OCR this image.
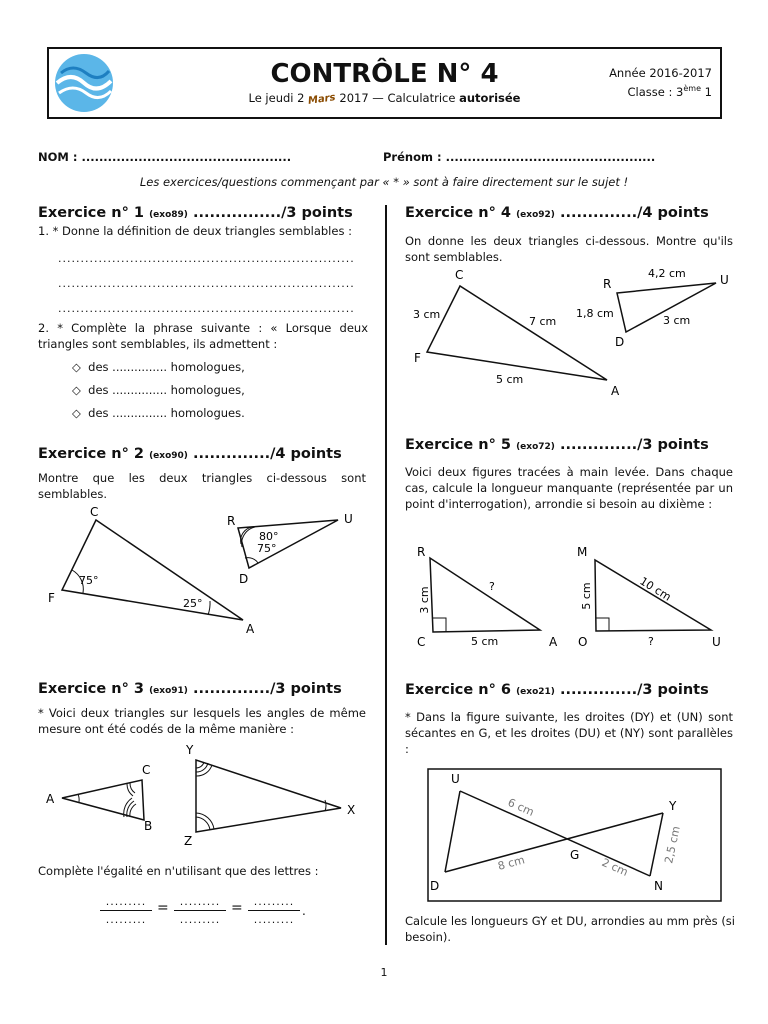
CONTRÔLE N° 4
Le jeudi 2 Mars 2017 — Calculatrice autorisée
Année 2016-2017
Classe : 3ème 1
NOM : ................................................	Prénom : ................................................
Les exercices/questions commençant par « * » sont à faire directement sur le sujet !
Exercice n° 1 (exo89) ................/3 points
1. * Donne la définition de deux triangles semblables :
..................................................................
..................................................................
..................................................................
2. * Complète la phrase suivante : « Lorsque deux triangles sont semblables, ils admettent :
◇  des ............... homologues,
◇  des ............... homologues,
◇  des ............... homologues.
Exercice n° 2 (exo90) ............../4 points
Montre que les deux triangles ci-dessous sont semblables.
C
F
A
75°
25°
R	U
D
80°
75°
Exercice n° 3 (exo91) ............../3 points
* Voici deux triangles sur lesquels les angles de même mesure ont été codés de la même manière :
A
B
C
Y
Z
X
Complète l'égalité en n'utilisant que des lettres :
.........
.........
=	.........
.........
=	.........
.........
.
Exercice n° 4 (exo92) ............../4 points
On donne les deux triangles ci-dessous. Montre qu'ils sont semblables.
C
F
A
3 cm
7 cm
5 cm
R	U
D
4,2 cm
1,8 cm
3 cm
Exercice n° 5 (exo72) ............../3 points
Voici deux figures tracées à main levée. Dans chaque cas, calcule la longueur manquante (représentée par un point d'interrogation), arrondie si besoin au dixième :
R
C	A
3 cm
5 cm
?
M
O	U
5 cm	10 cm
?
Exercice n° 6 (exo21) ............../3 points
* Dans la figure suivante, les droites (DY) et (UN) sont sécantes en G, et les droites (DU) et (NY) sont parallèles :
U
Y
G
D	N
6 cm
8 cm	2 cm
2,5 cm
Calcule les longueurs GY et DU, arrondies au mm près (si besoin).
1
